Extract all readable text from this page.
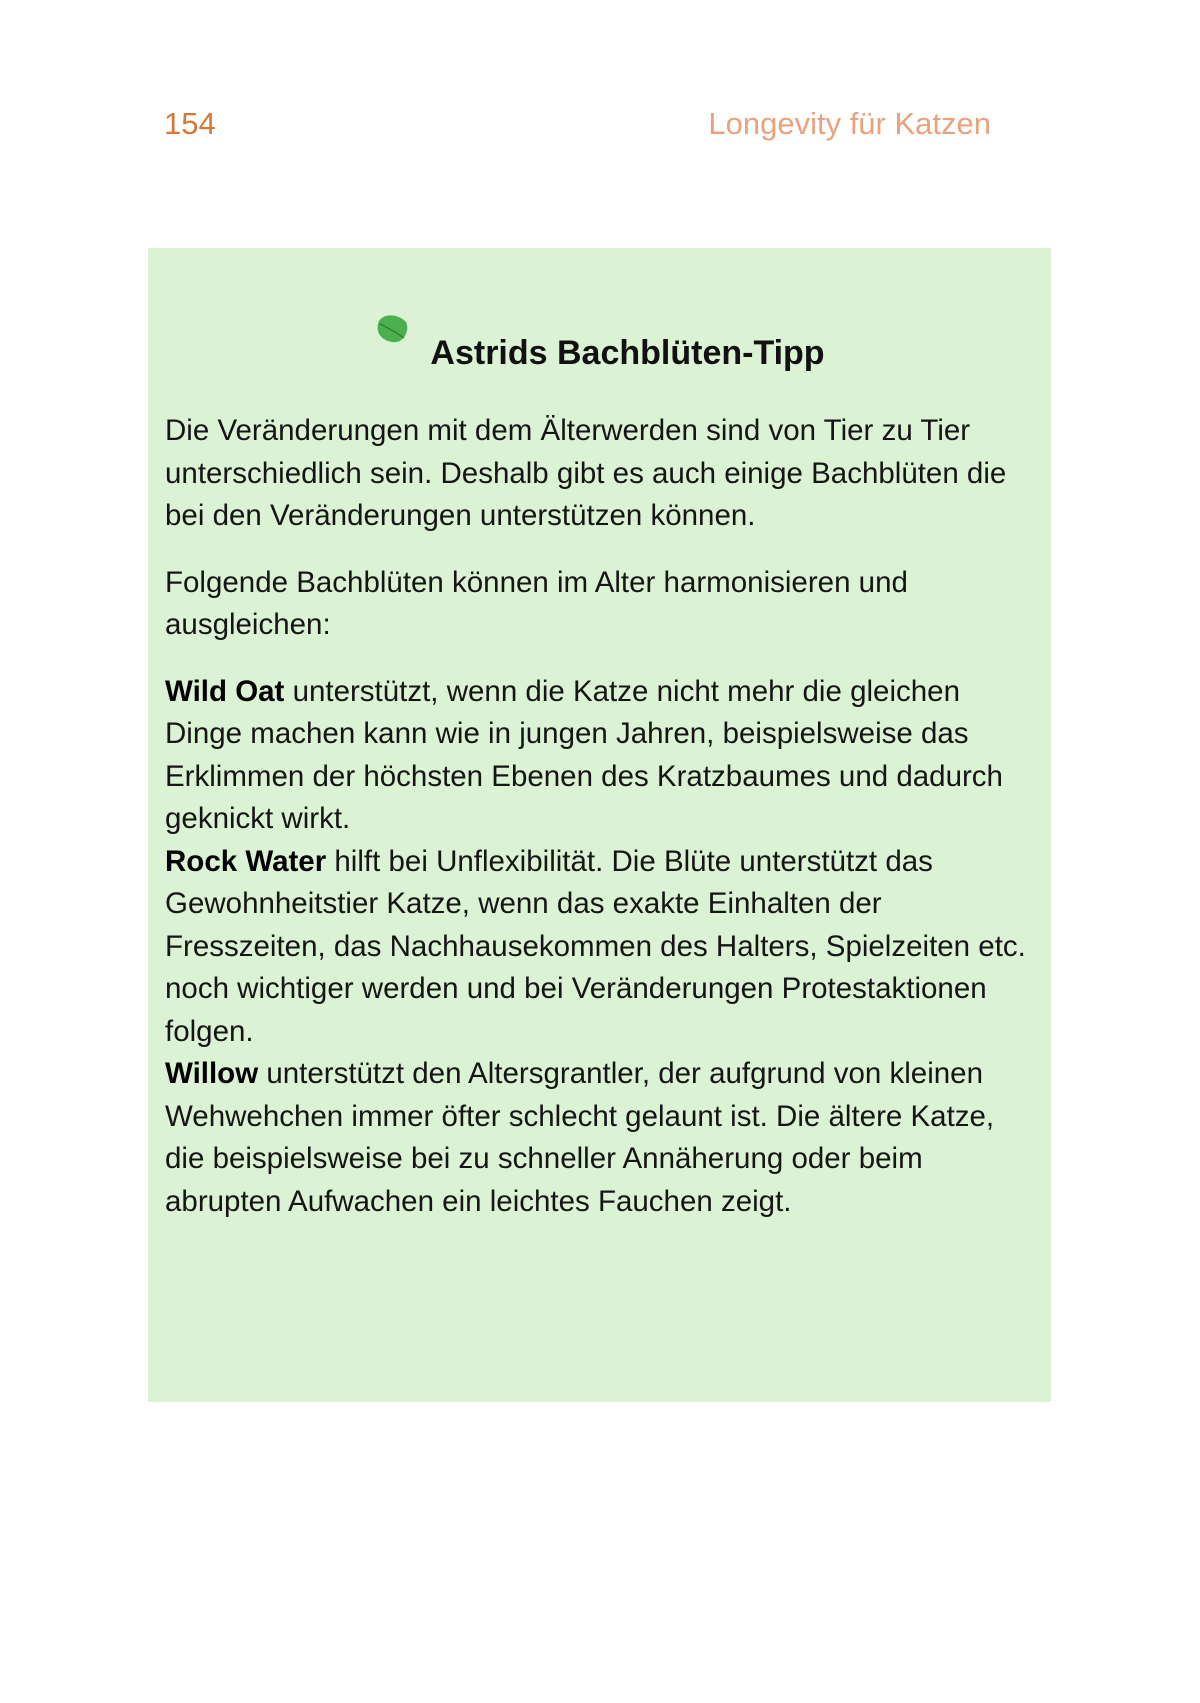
154	Longevity für Katzen
Astrids Bachblüten-Tipp

Die Veränderungen mit dem Älterwerden sind von Tier zu Tier unterschiedlich sein. Deshalb gibt es auch einige Bachblüten die bei den Veränderungen unterstützen können.

Folgende Bachblüten können im Alter harmonisieren und ausgleichen:

Wild Oat unterstützt, wenn die Katze nicht mehr die gleichen Dinge machen kann wie in jungen Jahren, beispielsweise das Erklimmen der höchsten Ebenen des Kratzbaumes und dadurch geknickt wirkt.

Rock Water hilft bei Unflexibilität. Die Blüte unterstützt das Gewohnheitstier Katze, wenn das exakte Einhalten der Fresszeiten, das Nachhausekommen des Halters, Spielzeiten etc. noch wichtiger werden und bei Veränderungen Protestaktionen folgen.

Willow unterstützt den Altersgrantler, der aufgrund von kleinen Wehwehchen immer öfter schlecht gelaunt ist. Die ältere Katze, die beispielsweise bei zu schneller Annäherung oder beim abrupten Aufwachen ein leichtes Fauchen zeigt.
